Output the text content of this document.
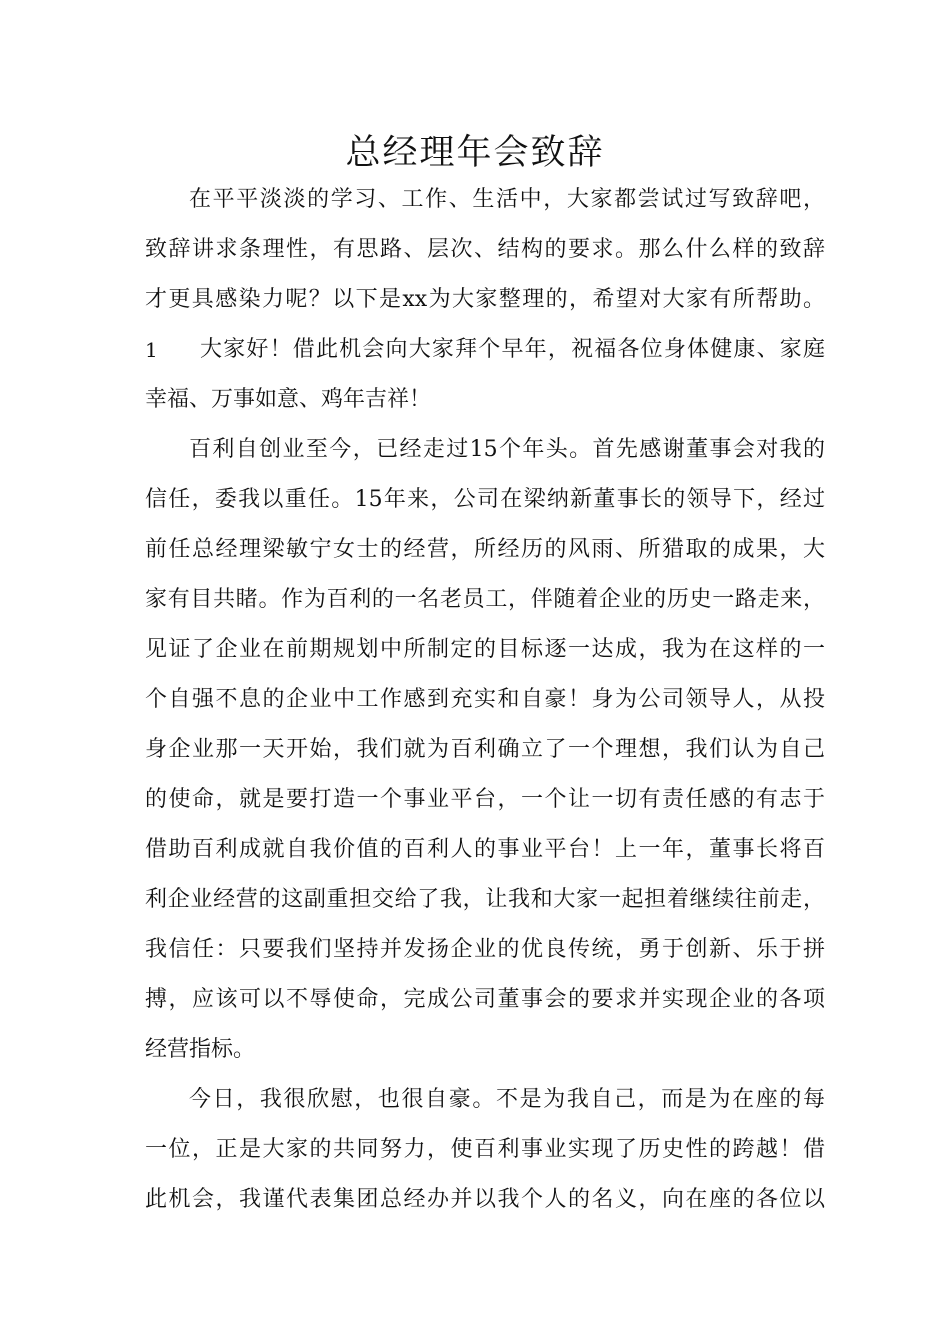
总经理年会致辞
在平平淡淡的学习、工作、生活中，大家都尝试过写致辞吧，
致辞讲求条理性，有思路、层次、结构的要求。那么什么样的致辞
才更具感染力呢？以下是xx为大家整理的，希望对大家有所帮助。
1	大家好！借此机会向大家拜个早年，祝福各位身体健康、家庭
幸福、万事如意、鸡年吉祥！
百利自创业至今，已经走过15个年头。首先感谢董事会对我的
信任，委我以重任。15年来，公司在梁纳新董事长的领导下，经过
前任总经理梁敏宁女士的经营，所经历的风雨、所猎取的成果，大
家有目共睹。作为百利的一名老员工，伴随着企业的历史一路走来，
见证了企业在前期规划中所制定的目标逐一达成，我为在这样的一
个自强不息的企业中工作感到充实和自豪！身为公司领导人，从投
身企业那一天开始，我们就为百利确立了一个理想，我们认为自己
的使命，就是要打造一个事业平台，一个让一切有责任感的有志于
借助百利成就自我价值的百利人的事业平台！上一年，董事长将百
利企业经营的这副重担交给了我，让我和大家一起担着继续往前走，
我信任：只要我们坚持并发扬企业的优良传统，勇于创新、乐于拼
搏，应该可以不辱使命，完成公司董事会的要求并实现企业的各项
经营指标。
今日，我很欣慰，也很自豪。不是为我自己，而是为在座的每
一位，正是大家的共同努力，使百利事业实现了历史性的跨越！借
此机会，我谨代表集团总经办并以我个人的名义，向在座的各位以
